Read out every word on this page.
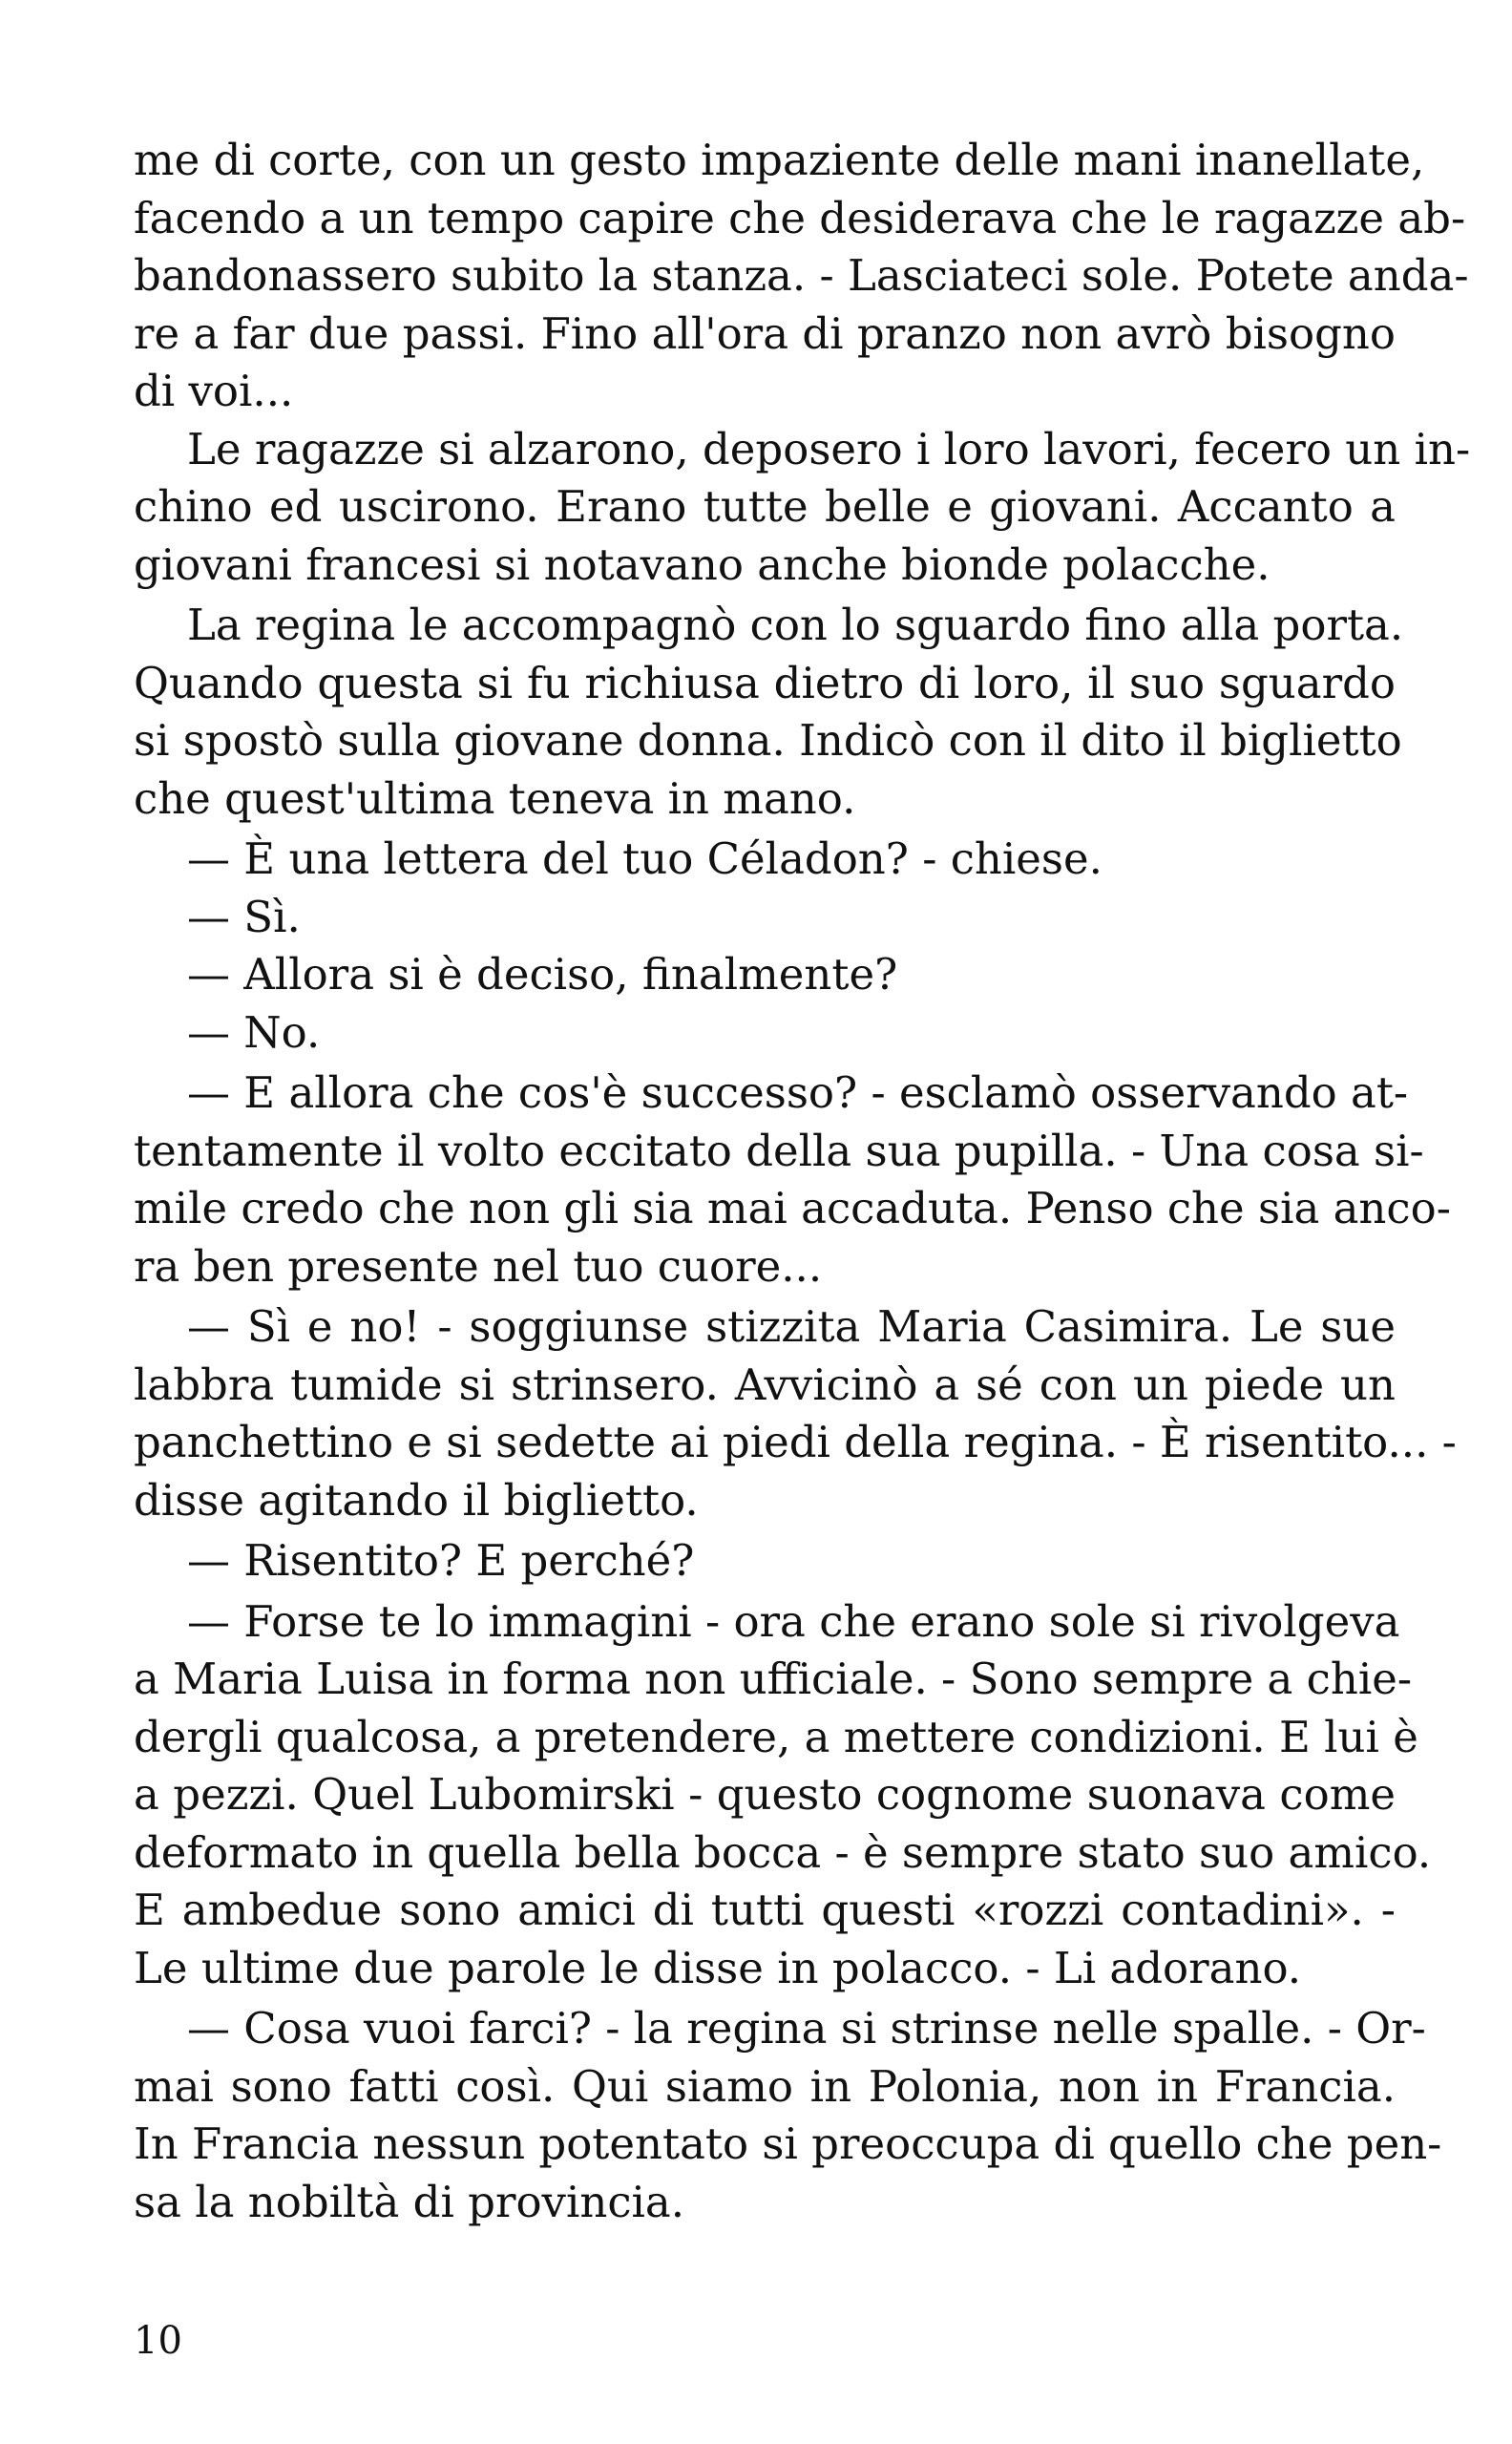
me di corte, con un gesto impaziente delle mani inanellate,
facendo a un tempo capire che desiderava che le ragazze ab-
bandonassero subito la stanza. - Lasciateci sole. Potete anda-
re a far due passi. Fino all'ora di pranzo non avrò bisogno
di voi...
Le ragazze si alzarono, deposero i loro lavori, fecero un in-
chino ed uscirono. Erano tutte belle e giovani. Accanto a
giovani francesi si notavano anche bionde polacche.
La regina le accompagnò con lo sguardo fino alla porta.
Quando questa si fu richiusa dietro di loro, il suo sguardo
si spostò sulla giovane donna. Indicò con il dito il biglietto
che quest'ultima teneva in mano.
— È una lettera del tuo Céladon? - chiese.
— Sì.
— Allora si è deciso, finalmente?
— No.
— E allora che cos'è successo? - esclamò osservando at-
tentamente il volto eccitato della sua pupilla. - Una cosa si-
mile credo che non gli sia mai accaduta. Penso che sia anco-
ra ben presente nel tuo cuore...
— Sì e no! - soggiunse stizzita Maria Casimira. Le sue
labbra tumide si strinsero. Avvicinò a sé con un piede un
panchettino e si sedette ai piedi della regina. - È risentito... -
disse agitando il biglietto.
— Risentito? E perché?
— Forse te lo immagini - ora che erano sole si rivolgeva
a Maria Luisa in forma non ufficiale. - Sono sempre a chie-
dergli qualcosa, a pretendere, a mettere condizioni. E lui è
a pezzi. Quel Lubomirski - questo cognome suonava come
deformato in quella bella bocca - è sempre stato suo amico.
E ambedue sono amici di tutti questi «rozzi contadini». -
Le ultime due parole le disse in polacco. - Li adorano.
— Cosa vuoi farci? - la regina si strinse nelle spalle. - Or-
mai sono fatti così. Qui siamo in Polonia, non in Francia.
In Francia nessun potentato si preoccupa di quello che pen-
sa la nobiltà di provincia.
10
